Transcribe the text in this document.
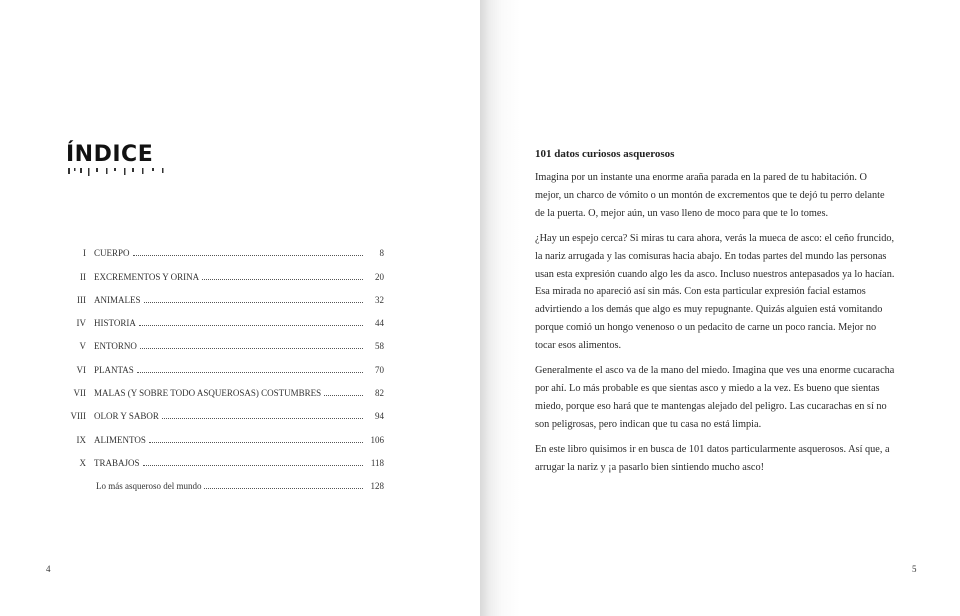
ÍNDICE
I CUERPO	8
II EXCREMENTOS Y ORINA	20
III ANIMALES	32
IV HISTORIA	44
V ENTORNO	58
VI PLANTAS	70
VII MALAS (Y SOBRE TODO ASQUEROSAS) COSTUMBRES	82
VIII OLOR Y SABOR	94
IX ALIMENTOS	106
X TRABAJOS	118
Lo más asqueroso del mundo	128
4	5
101 datos curiosos asquerosos

Imagina por un instante una enorme araña parada en la pared de tu habitación. O mejor, un charco de vómito o un montón de excrementos que te dejó tu perro delante de la puerta. O, mejor aún, un vaso lleno de moco para que te lo tomes.

¿Hay un espejo cerca? Si miras tu cara ahora, verás la mueca de asco: el ceño fruncido, la nariz arrugada y las comisuras hacia abajo. En todas partes del mundo las personas usan esta expresión cuando algo les da asco. Incluso nuestros antepasados ya lo hacían. Esa mirada no apareció así sin más. Con esta particular expresión facial estamos advirtiendo a los demás que algo es muy repugnante. Quizás alguien está vomitando porque comió un hongo venenoso o un pedacito de carne un poco rancia. Mejor no tocar esos alimentos.

Generalmente el asco va de la mano del miedo. Imagina que ves una enorme cucaracha por ahí. Lo más probable es que sientas asco y miedo a la vez. Es bueno que sientas miedo, porque eso hará que te mantengas alejado del peligro. Las cucarachas en sí no son peligrosas, pero indican que tu casa no está limpia.

En este libro quisimos ir en busca de 101 datos particularmente asquerosos. Así que, a arrugar la nariz y ¡a pasarlo bien sintiendo mucho asco!
